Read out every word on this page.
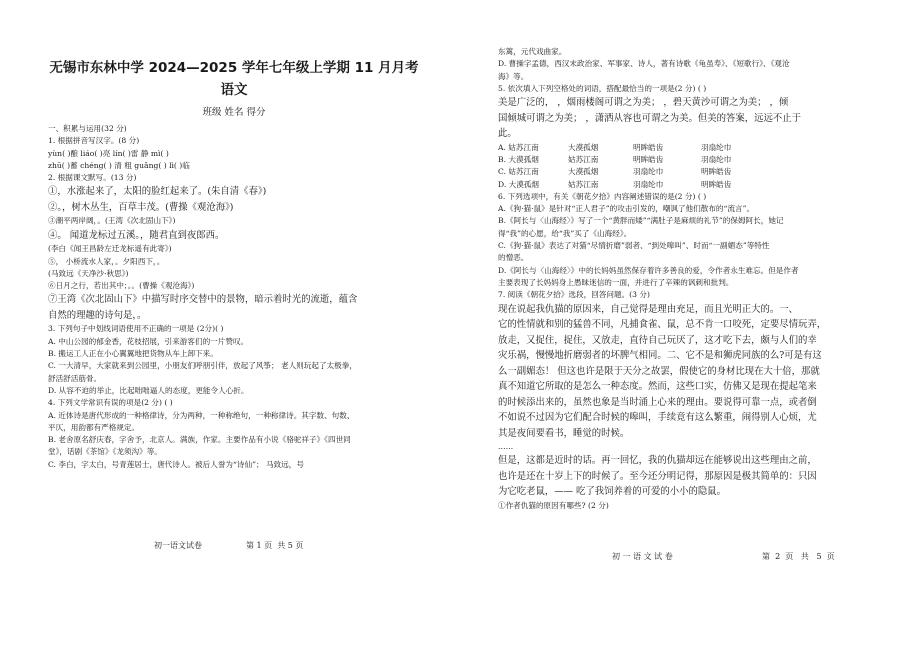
无锡市东林中学 2024—2025 学年七年级上学期 11 月月考
语文
班级 姓名 得分
一、积累与运用(32 分)
1. 根据拼音写汉字。(8 分)
yùn( )酿 liáo( )亮 lín( )雷 静 mì( )
zhū( )蓄 chéng( ) 清 粗 guǎng( ) lì( )临
2. 根据课文默写。(13 分)
①，水涨起来了，太阳的脸红起来了。(朱自清《春》)
②。，树木丛生，百草丰茂。(曹操《观沧海》)
③潮平两岸阔，。(王湾《次北固山下》)
④。 闻道龙标过五溪。，随君直到夜郎西。
(李白《闻王昌龄左迁龙标遥有此寄》)
⑤， 小桥流水人家，。夕阳西下，。
(马致远《天净沙·秋思》)
⑥日月之行，若出其中；。。(曹操《观沧海》)
⑦王湾《次北固山下》中描写时序交替中的景物，暗示着时光的流逝，蕴含
自然的理趣的诗句是，。
3. 下列句子中划线词语使用不正确的一项是 (2分)( )
A. 中山公园的郁金香，花枝招展，引来游客们的一片赞叹。
B. 搬运工人正在小心翼翼地把货物从车上卸下来。
C. 一大清早，大家就来到公园里，小朋友们呼朋引伴，放起了风筝； 老人则玩起了太极拳，
舒活舒活筋骨。
D. 从容不迫的举止，比起咄咄逼人的态度，更能令人心折。
4. 下列文学常识有误的项是(2 分) ( )
A. 近体诗是唐代形成的一种格律诗，分为两种，一种称绝句，一种称律诗。其字数、句数、
平仄，用韵都有严格规定。
B. 老舍原名舒庆春，字舍予，北京人。满族，作家。主要作品有小说《骆驼祥子》《四世同
堂》，话剧《茶馆》《龙须沟》等。
C. 李白，字太白，号青莲居士，唐代诗人。被后人誉为“诗仙”； 马致远，号
东篱，元代戏曲家。
D. 曹操字孟德，西汉末政治家、军事家、诗人，著有诗歌《龟虽寿》、《短歌行》、《观沧
海》等。
5. 依次填入下列空格处的词语，搭配最恰当的一项是(2 分) ( )
美是广泛的， ，烟雨楼阁可谓之为美； ，碧天黄沙可谓之为美； ，倾
国倾城可谓之为美； ，潇洒从容也可谓之为美。但美的答案，远远不止于
此。
A. 姑苏江南	大漠孤烟	明眸皓齿	羽扇纶巾
B. 大漠孤烟	姑苏江南	明眸皓齿	羽扇纶巾
C. 姑苏江南	大漠孤烟	羽扇纶巾	明眸皓齿
D. 大漠孤烟	姑苏江南	羽扇纶巾	明眸皓齿
6. 下列选项中，有关《朝花夕拾》内容阐述错误的是(2 分) ( )
A.《狗·猫·鼠》是针对“正人君子”的攻击引发的，嘲讽了他们散布的“流言”。
B.《阿长与〈山海经〉》写了一个“黄胖而矮”“满肚子是麻烦的礼节”的保姆阿长，她记
得“我”的心愿，给“我”买了《山海经》。
C.《狗·猫·鼠》表达了对猫“尽情折磨”弱者、“到处嗥叫”、时而“一副媚态”等特性
的憎恶。
D.《阿长与〈山海经〉》中的长妈妈虽然保存着许多善良的爱，令作者永生难忘。但是作者
主要表现了长妈妈身上愚昧迷信的一面，并进行了辛辣的讽刺和批判。
7. 阅读《朝花夕拾》选段，回答问题。(3 分)
现在说起我仇猫的原因来，自己觉得是理由充足，而且光明正大的。一、
它的性情就和别的猛兽不同，凡捕食雀、鼠，总不肯一口咬死，定要尽情玩弄，
放走，又捉住，捉住，又放走，直待自己玩厌了，这才吃下去，颇与人们的幸
灾乐祸，慢慢地折磨弱者的坏脾气相同。二、它不是和狮虎同族的么?可是有这
么一副媚态！ 但这也许是限于天分之故罢，假使它的身材比现在大十倍，那就
真不知道它所取的是怎么一种态度。然而，这些口实，仿佛又是现在提起笔来
的时候添出来的，虽然也象是当时涌上心来的理由。要说得可靠一点，或者倒
不如说不过因为它们配合时候的嗥叫，手续竟有这么繁重，闹得别人心烦，尤
其是夜间要看书，睡觉的时候。
……
但是，这都是近时的话。再一回忆，我的仇猫却远在能够说出这些理由之前，
也许是还在十岁上下的时候了。至今还分明记得，那原因是极其简单的：只因
为它吃老鼠，—— 吃了我饲养着的可爱的小小的隐鼠。
①作者仇猫的原因有哪些? (2 分)
初一语文试卷	第 1 页  共 5 页
初 一 语 文 试 卷	第  2  页   共   5  页
